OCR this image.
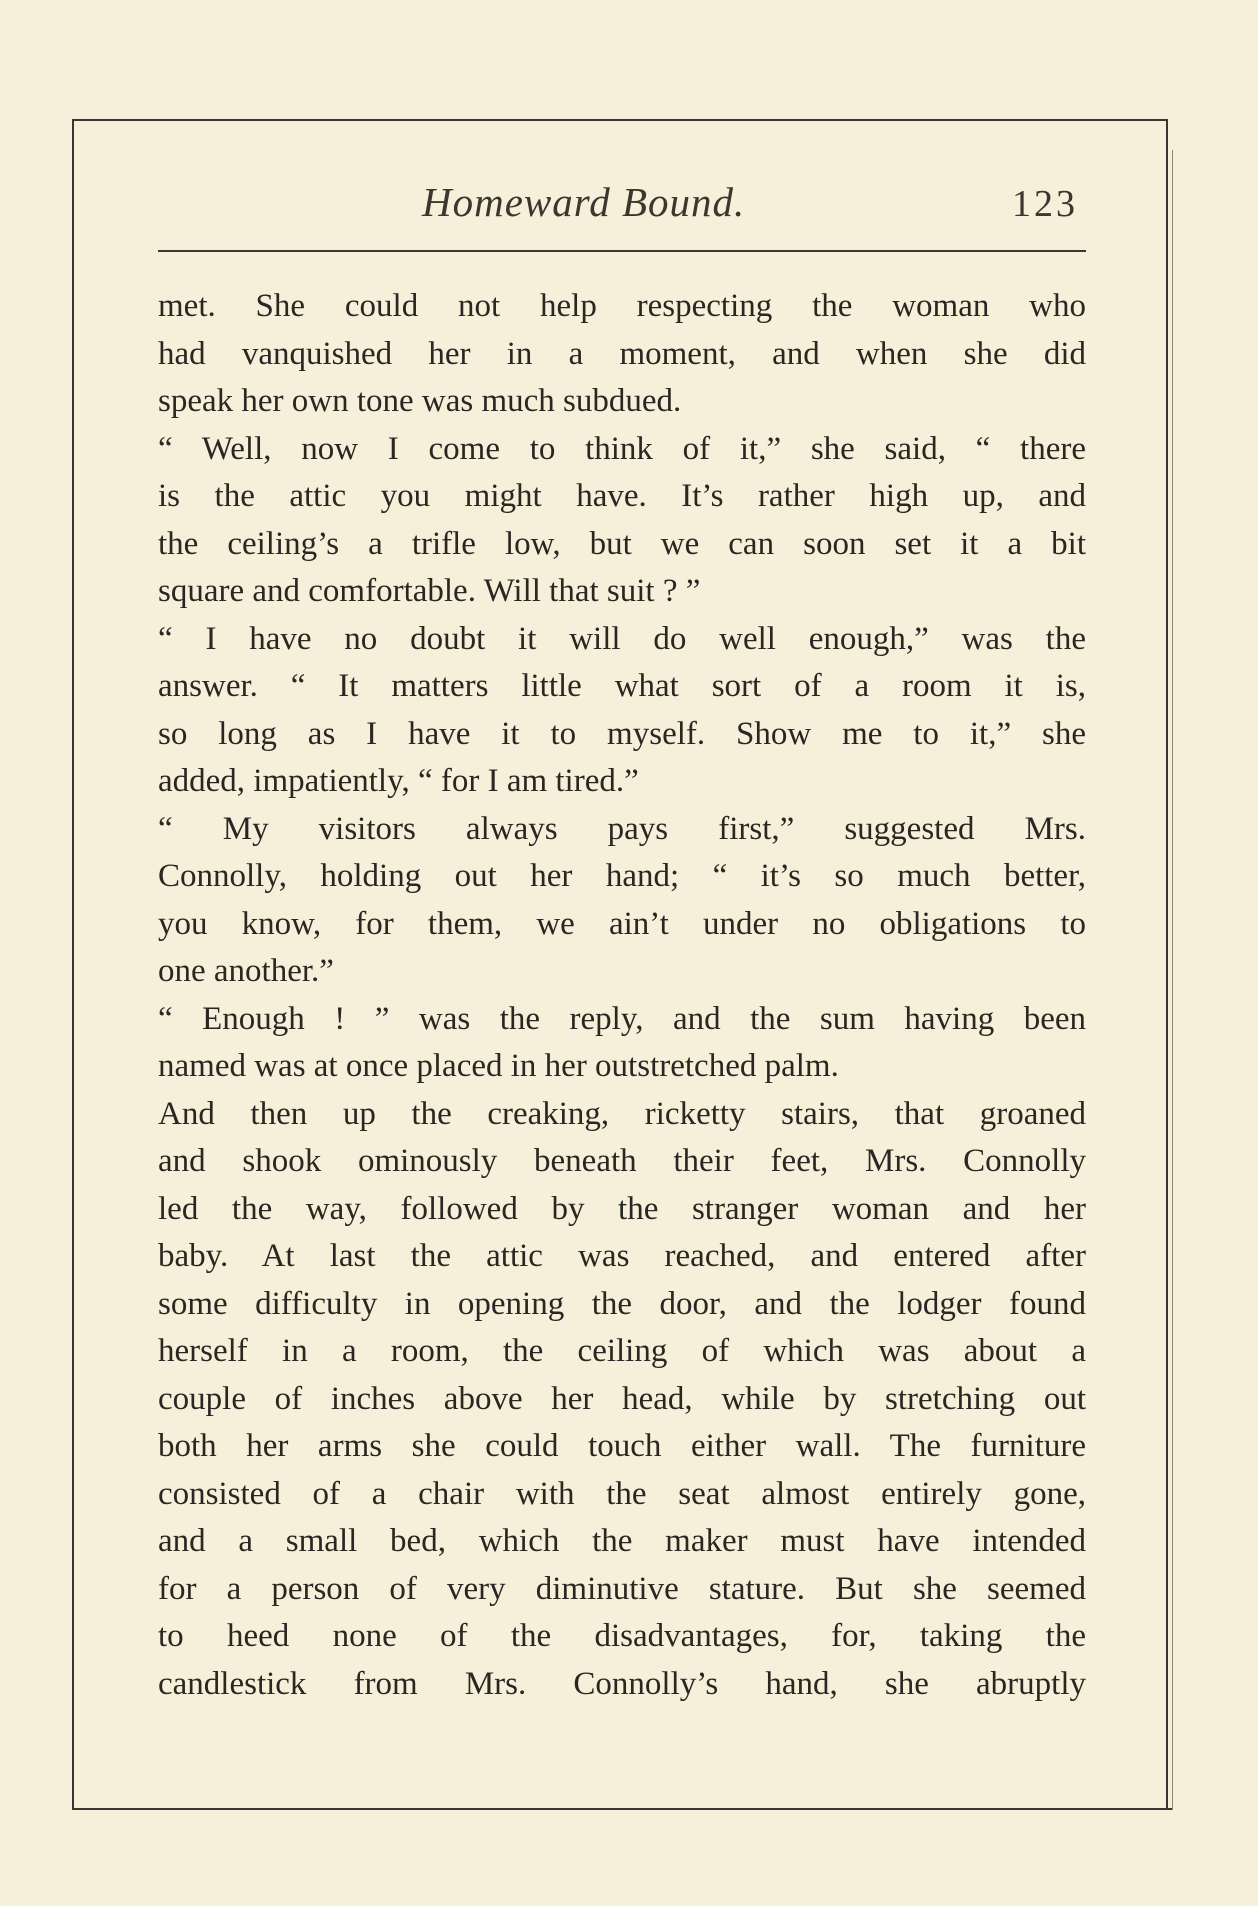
Homeward Bound.	123
met. She could not help respecting the woman who
had vanquished her in a moment, and when she did
speak her own tone was much subdued.
“ Well, now I come to think of it,” she said, “ there
is the attic you might have. It’s rather high up, and
the ceiling’s a trifle low, but we can soon set it a bit
square and comfortable. Will that suit ? ”
“ I have no doubt it will do well enough,” was the
answer. “ It matters little what sort of a room it is,
so long as I have it to myself. Show me to it,” she
added, impatiently, “ for I am tired.”
“ My visitors always pays first,” suggested Mrs.
Connolly, holding out her hand; “ it’s so much better,
you know, for them, we ain’t under no obligations to
one another.”
“ Enough ! ” was the reply, and the sum having been
named was at once placed in her outstretched palm.
And then up the creaking, ricketty stairs, that groaned
and shook ominously beneath their feet, Mrs. Connolly
led the way, followed by the stranger woman and her
baby. At last the attic was reached, and entered after
some difficulty in opening the door, and the lodger found
herself in a room, the ceiling of which was about a
couple of inches above her head, while by stretching out
both her arms she could touch either wall. The furniture
consisted of a chair with the seat almost entirely gone,
and a small bed, which the maker must have intended
for a person of very diminutive stature. But she seemed
to heed none of the disadvantages, for, taking the
candlestick from Mrs. Connolly’s hand, she abruptly
